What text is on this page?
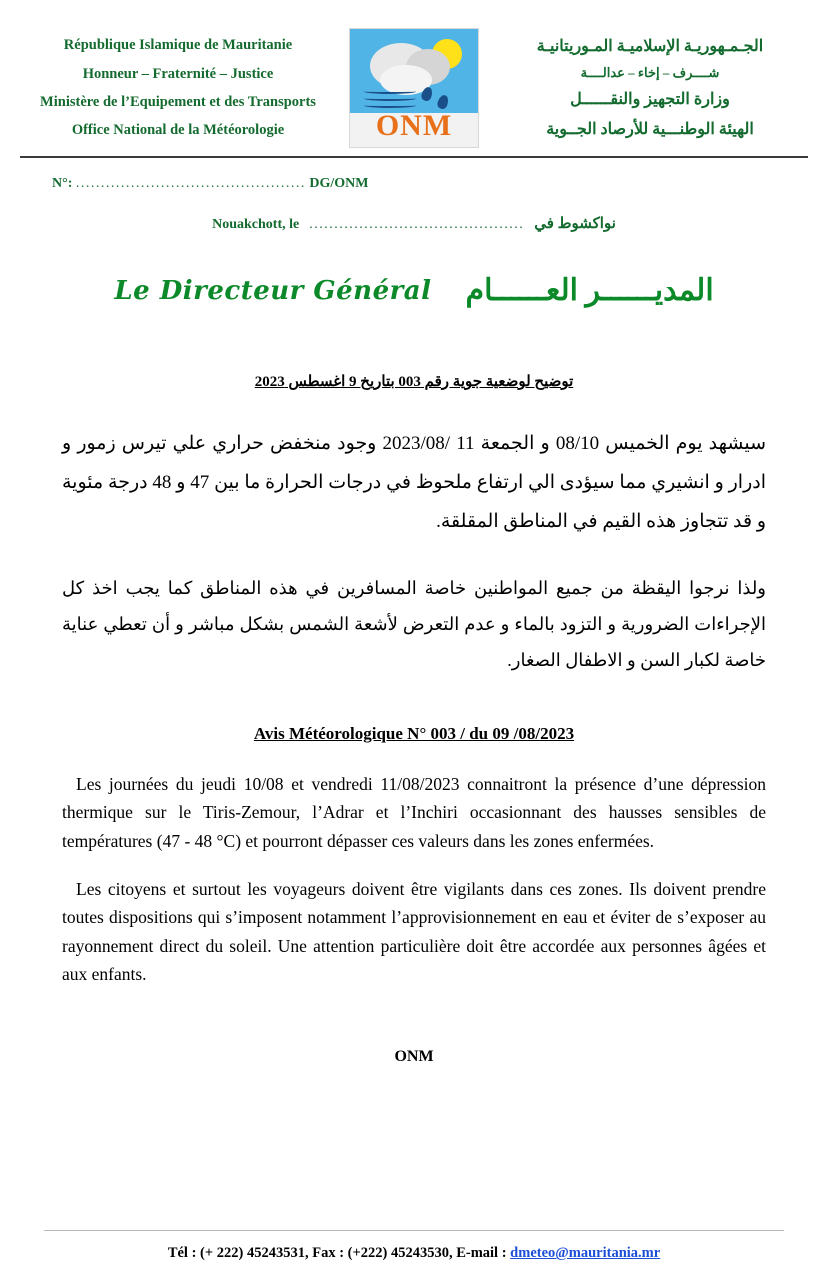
République Islamique de Mauritanie
Honneur – Fraternité – Justice
Ministère de l’Equipement et des Transports
Office National de la Météorologie	ONM
الجـمـهوريـة الإسلاميـة المـوريتانيـة
شــــرف – إخاء – عدالــــة
وزارة التجهيز والنقــــــل
الهيئة الوطنـــية للأرصاد الجــوية
N°: .............................................. DG/ONM
Nouakchott, le ........................................... نواكشوط في
Le Directeur Général المديــــــر العــــــام
توضيح لوضعية جوية رقم 003 بتاريخ 9 اغسطس 2023
سيشهد يوم الخميس 08/10 و الجمعة 11 /2023/08 وجود منخفض حراري علي تيرس زمور و ادرار و انشيري مما سيؤدى الي ارتفاع ملحوظ في درجات الحرارة ما بين 47 و 48 درجة مئوية و قد تتجاوز هذه القيم في المناطق المقلقة.
ولذا نرجوا اليقظة من جميع المواطنين خاصة المسافرين في هذه المناطق كما يجب اخذ كل الإجراءات الضرورية و التزود بالماء و عدم التعرض لأشعة الشمس بشكل مباشر و أن تعطي عناية خاصة لكبار السن و الاطفال الصغار.
Avis Météorologique N° 003 / du 09 /08/2023
Les journées du jeudi 10/08 et vendredi 11/08/2023 connaitront la présence d’une dépression thermique sur le Tiris‑Zemour, l’Adrar et l’Inchiri occasionnant des hausses sensibles de températures (47 ‑ 48 °C) et pourront dépasser ces valeurs dans les zones enfermées.
Les citoyens et surtout les voyageurs doivent être vigilants dans ces zones. Ils doivent prendre toutes dispositions qui s’imposent notamment l’approvisionnement en eau et éviter de s’exposer au rayonnement direct du soleil. Une attention particulière doit être accordée aux personnes âgées et aux enfants.
ONM
Tél : (+ 222) 45243531, Fax : (+222) 45243530, E-mail : dmeteo@mauritania.mr
